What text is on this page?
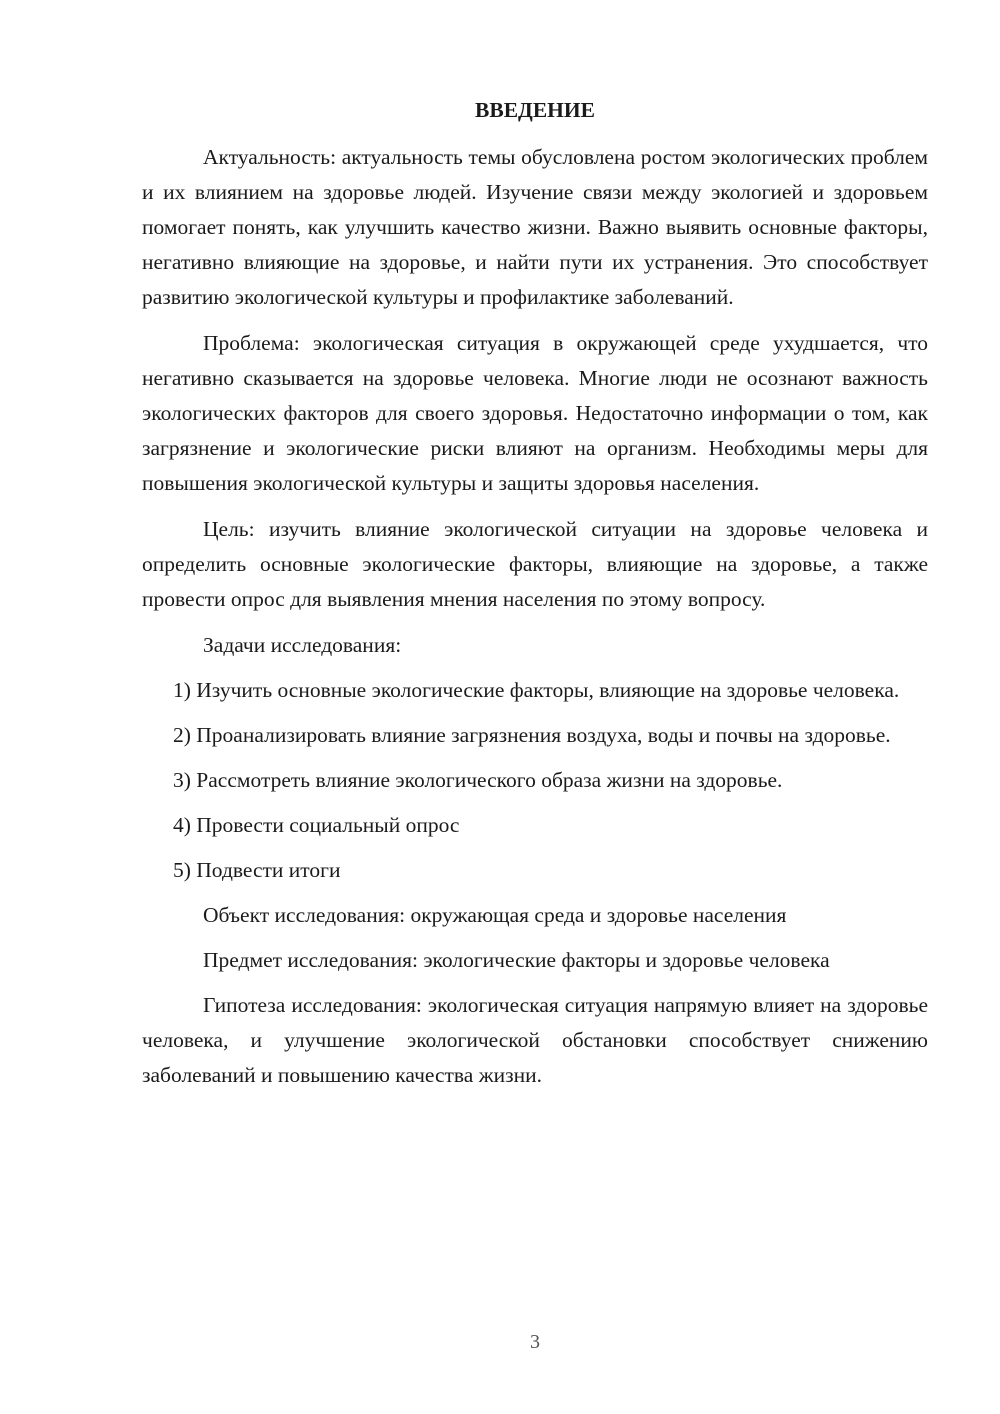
ВВЕДЕНИЕ

Актуальность: актуальность темы обусловлена ростом экологических проблем и их влиянием на здоровье людей. Изучение связи между экологией и здоровьем помогает понять, как улучшить качество жизни. Важно выявить основные факторы, негативно влияющие на здоровье, и найти пути их устранения. Это способствует развитию экологической культуры и профилактике заболеваний.

Проблема: экологическая ситуация в окружающей среде ухудшается, что негативно сказывается на здоровье человека. Многие люди не осознают важность экологических факторов для своего здоровья. Недостаточно информации о том, как загрязнение и экологические риски влияют на организм. Необходимы меры для повышения экологической культуры и защиты здоровья населения.

Цель: изучить влияние экологической ситуации на здоровье человека и определить основные экологические факторы, влияющие на здоровье, а также провести опрос для выявления мнения населения по этому вопросу.

Задачи исследования:

1) Изучить основные экологические факторы, влияющие на здоровье человека.

2) Проанализировать влияние загрязнения воздуха, воды и почвы на здоровье.

3) Рассмотреть влияние экологического образа жизни на здоровье.

4) Провести социальный опрос

5) Подвести итоги

Объект исследования: окружающая среда и здоровье населения

Предмет исследования: экологические факторы и здоровье человека

Гипотеза исследования: экологическая ситуация напрямую влияет на здоровье человека, и улучшение экологической обстановки способствует снижению заболеваний и повышению качества жизни.

3
